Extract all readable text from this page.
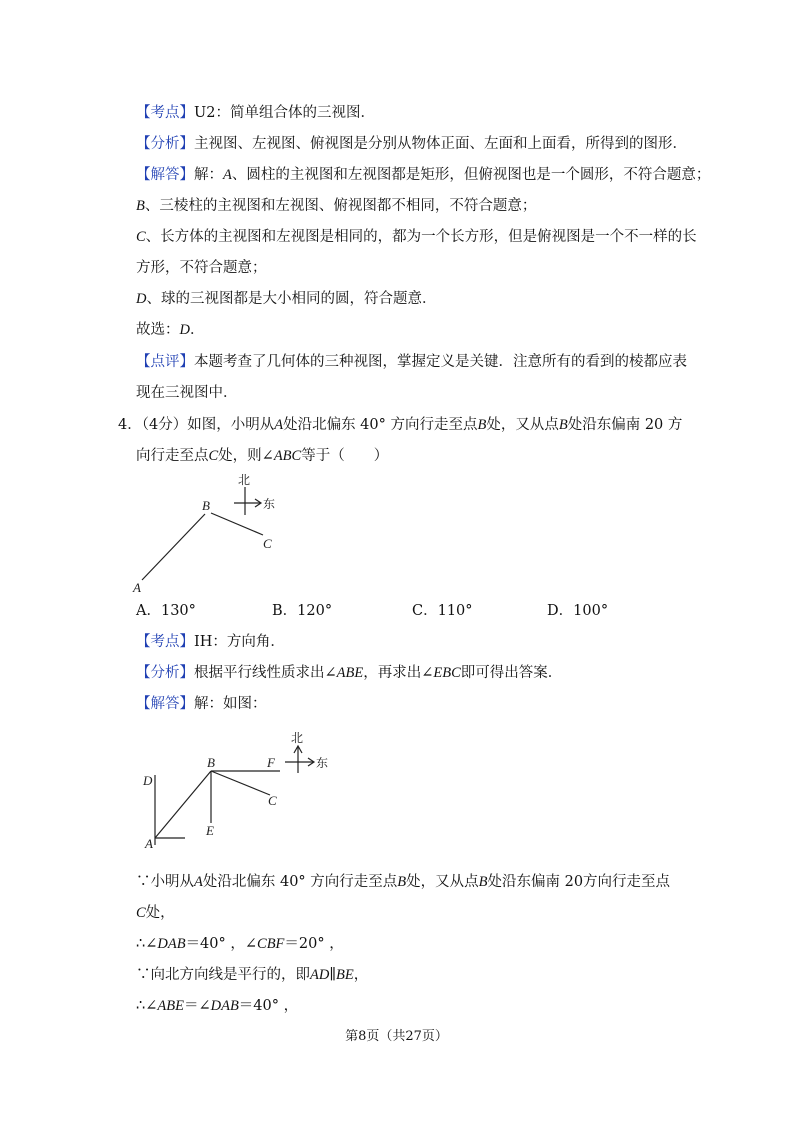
【考点】U2：简单组合体的三视图．
【分析】主视图、左视图、俯视图是分别从物体正面、左面和上面看，所得到的图形．
【解答】解：A、圆柱的主视图和左视图都是矩形，但俯视图也是一个圆形，不符合题意；
B、三棱柱的主视图和左视图、俯视图都不相同，不符合题意；
C、长方体的主视图和左视图是相同的，都为一个长方形，但是俯视图是一个不一样的长
方形，不符合题意；
D、球的三视图都是大小相同的圆，符合题意．
故选：D．
【点评】本题考查了几何体的三种视图，掌握定义是关键．注意所有的看到的棱都应表
现在三视图中．
4．（4分）如图，小明从A处沿北偏东 40° 方向行走至点B处，又从点B处沿东偏南 20 方
向行走至点C处，则∠ABC等于（　　）
北
东
A
B
C
A．130°	B．120°	C．110°	D．100°
【考点】IH：方向角．
【分析】根据平行线性质求出∠ABE，再求出∠EBC即可得出答案．
【解答】解：如图：
北
东
D
A
B	F
C
E
∵小明从A处沿北偏东 40° 方向行走至点B处，又从点B处沿东偏南 20方向行走至点
C处，
∴∠DAB＝40° ，∠CBF＝20° ，
∵向北方向线是平行的，即AD∥BE，
∴∠ABE＝∠DAB＝40° ，
第8页（共27页）
